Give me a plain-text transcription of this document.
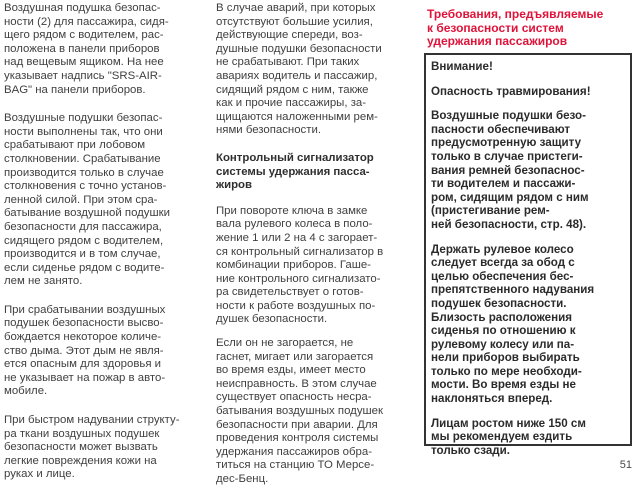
Воздушная подушка безопас-
ности (2) для пассажира, сидя-
щего рядом с водителем, рас-
положена в панели приборов
над вещевым ящиком. На нее
указывает надпись "SRS-AIR-
BAG" на панели приборов.

Воздушные подушки безопас-
ности выполнены так, что они
срабатывают при лобовом
столкновении. Срабатывание
производится только в случае
столкновения с точно установ-
ленной силой. При этом сра-
батывание воздушной подушки
безопасности для пассажира,
сидящего рядом с водителем,
производится и в том случае,
если сиденье рядом с водите-
лем не занято.

При срабатывании воздушных
подушек безопасности высво-
бождается некоторое количе-
ство дыма. Этот дым не явля-
ется опасным для здоровья и
не указывает на пожар в авто-
мобиле.

При быстром надувании структу-
ра ткани воздушных подушек
безопасности может вызвать
легкие повреждения кожи на
руках и лице.

В случае аварий, при которых
отсутствуют большие усилия,
действующие спереди, воз-
душные подушки безопасности
не срабатывают. При таких
авариях водитель и пассажир,
сидящий рядом с ним, также
как и прочие пассажиры, за-
щищаются наложенными рем-
нями безопасности.

Контрольный сигнализатор
системы удержания пасса-
жиров

При повороте ключа в замке
вала рулевого колеса в поло-
жение 1 или 2 на 4 с загорает-
ся контрольный сигнализатор в
комбинации приборов. Гаше-
ние контрольного сигнализато-
ра свидетельствует о готов-
ности к работе воздушных по-
душек безопасности.

Если он не загорается, не
гаснет, мигает или загорается
во время езды, имеет место
неисправность. В этом случае
существует опасность несра-
батывания воздушных подушек
безопасности при аварии. Для
проведения контроля системы
удержания пассажиров обра-
титься на станцию ТО Мерсе-
дес-Бенц.

Требования, предъявляемые
к безопасности систем
удержания пассажиров

Внимание!

Опасность травмирования!

Воздушные подушки безо-
пасности обеспечивают
предусмотренную защиту
только в случае пристеги-
вания ремней безопаснос-
ти водителем и пассажи-
ром, сидящим рядом с ним
(пристегивание рем-
ней безопасности, стр. 48).

Держать рулевое колесо
следует всегда за обод с
целью обеспечения бес-
препятственного надувания
подушек безопасности.
Близость расположения
сиденья по отношению к
рулевому колесу или па-
нели приборов выбирать
только по мере необходи-
мости. Во время езды не
наклоняться вперед.

Лицам ростом ниже 150 см
мы рекомендуем ездить
только сзади.

51
